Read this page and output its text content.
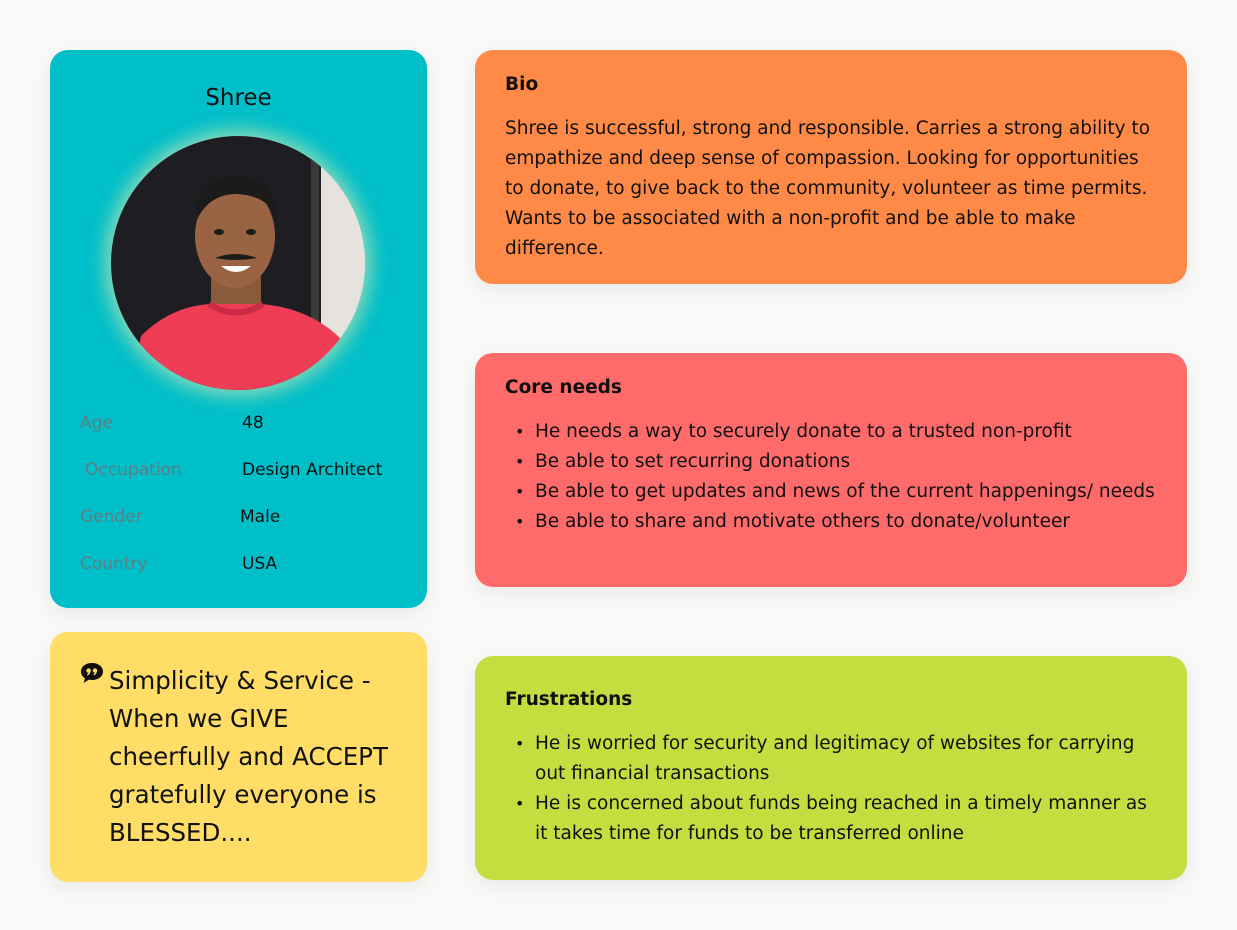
Shree
Age	48
Occupation	Design Architect
Gender	Male
Country	USA
Simplicity & Service - When we GIVE cheerfully and ACCEPT gratefully everyone is BLESSED....
Bio

Shree is successful, strong and responsible. Carries a strong ability to empathize and deep sense of compassion. Looking for opportunities to donate, to give back to the community, volunteer as time permits. Wants to be associated with a non-profit and be able to make difference.

Core needs
• He needs a way to securely donate to a trusted non-profit
• Be able to set recurring donations
• Be able to get updates and news of the current happenings/ needs
• Be able to share and motivate others to donate/volunteer
Frustrations
• He is worried for security and legitimacy of websites for carrying out financial transactions
• He is concerned about funds being reached in a timely manner as it takes time for funds to be transferred online
